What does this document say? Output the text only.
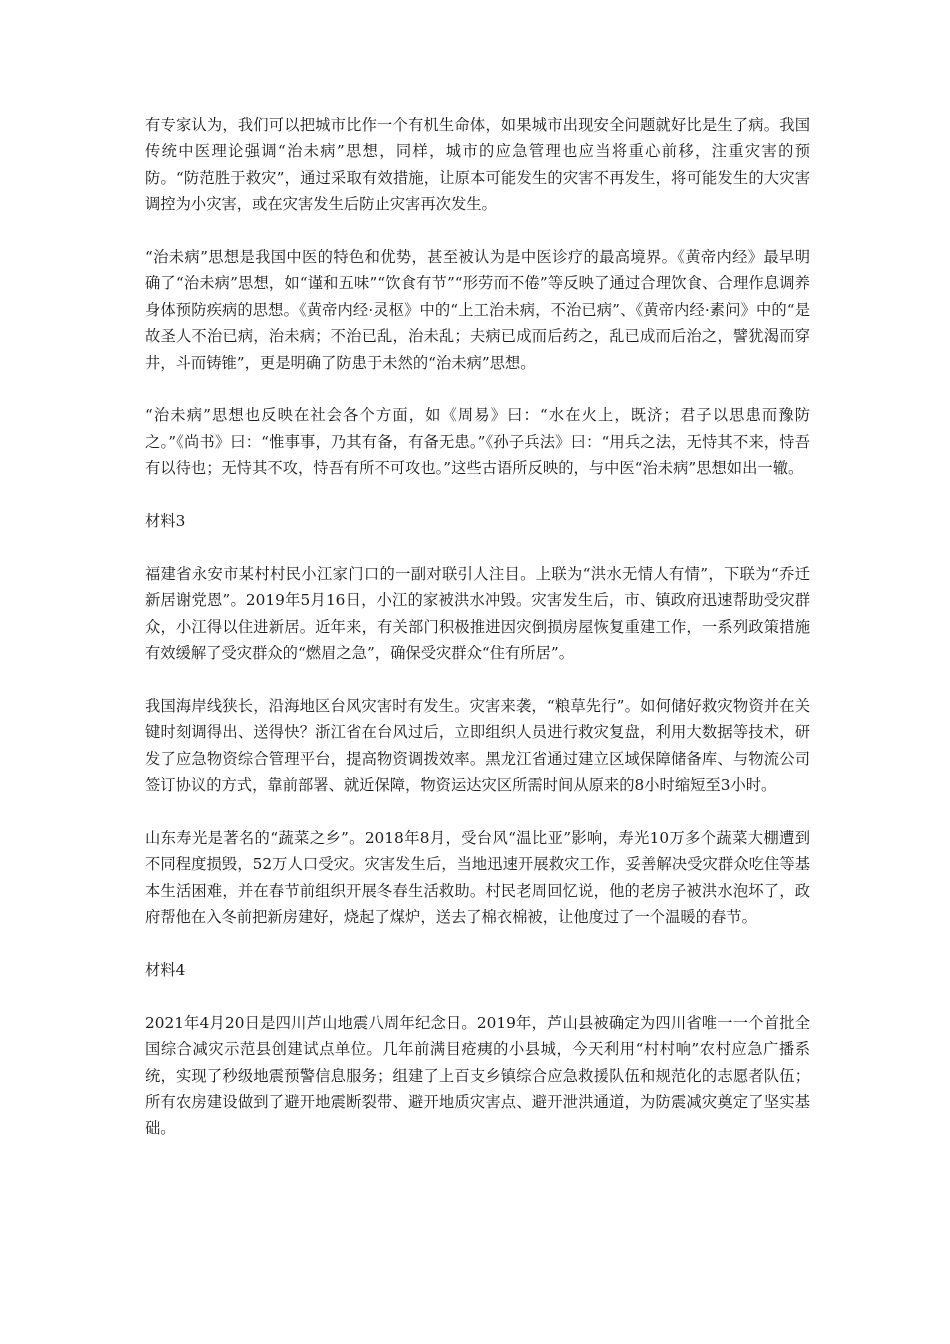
有专家认为，我们可以把城市比作一个有机生命体，如果城市出现安全问题就好比是生了病。我国传统中医理论强调“治未病”思想，同样，城市的应急管理也应当将重心前移，注重灾害的预防。“防范胜于救灾”，通过采取有效措施，让原本可能发生的灾害不再发生，将可能发生的大灾害调控为小灾害，或在灾害发生后防止灾害再次发生。

“治未病”思想是我国中医的特色和优势，甚至被认为是中医诊疗的最高境界。《黄帝内经》最早明确了“治未病”思想，如“谨和五味”“饮食有节”“形劳而不倦”等反映了通过合理饮食、合理作息调养身体预防疾病的思想。《黄帝内经·灵枢》中的“上工治未病，不治已病”、《黄帝内经·素问》中的“是故圣人不治已病，治未病；不治已乱，治未乱；夫病已成而后药之，乱已成而后治之，譬犹渴而穿井，斗而铸锥”，更是明确了防患于未然的“治未病”思想。

“治未病”思想也反映在社会各个方面，如《周易》曰：“水在火上，既济；君子以思患而豫防之。”《尚书》曰：“惟事事，乃其有备，有备无患。”《孙子兵法》曰：“用兵之法，无恃其不来，恃吾有以待也；无恃其不攻，恃吾有所不可攻也。”这些古语所反映的，与中医“治未病”思想如出一辙。

材料3

福建省永安市某村村民小江家门口的一副对联引人注目。上联为“洪水无情人有情”，下联为“乔迁新居谢党恩”。2019年5月16日，小江的家被洪水冲毁。灾害发生后，市、镇政府迅速帮助受灾群众，小江得以住进新居。近年来，有关部门积极推进因灾倒损房屋恢复重建工作，一系列政策措施有效缓解了受灾群众的“燃眉之急”，确保受灾群众“住有所居”。

我国海岸线狭长，沿海地区台风灾害时有发生。灾害来袭，“粮草先行”。如何储好救灾物资并在关键时刻调得出、送得快？浙江省在台风过后，立即组织人员进行救灾复盘，利用大数据等技术，研发了应急物资综合管理平台，提高物资调拨效率。黑龙江省通过建立区域保障储备库、与物流公司签订协议的方式，靠前部署、就近保障，物资运达灾区所需时间从原来的8小时缩短至3小时。

山东寿光是著名的“蔬菜之乡”。2018年8月，受台风“温比亚”影响，寿光10万多个蔬菜大棚遭到不同程度损毁，52万人口受灾。灾害发生后，当地迅速开展救灾工作，妥善解决受灾群众吃住等基本生活困难，并在春节前组织开展冬春生活救助。村民老周回忆说，他的老房子被洪水泡坏了，政府帮他在入冬前把新房建好，烧起了煤炉，送去了棉衣棉被，让他度过了一个温暖的春节。

材料4

2021年4月20日是四川芦山地震八周年纪念日。2019年，芦山县被确定为四川省唯一一个首批全国综合减灾示范县创建试点单位。几年前满目疮痍的小县城，今天利用“村村响”农村应急广播系统，实现了秒级地震预警信息服务；组建了上百支乡镇综合应急救援队伍和规范化的志愿者队伍；所有农房建设做到了避开地震断裂带、避开地质灾害点、避开泄洪通道，为防震减灾奠定了坚实基础。
